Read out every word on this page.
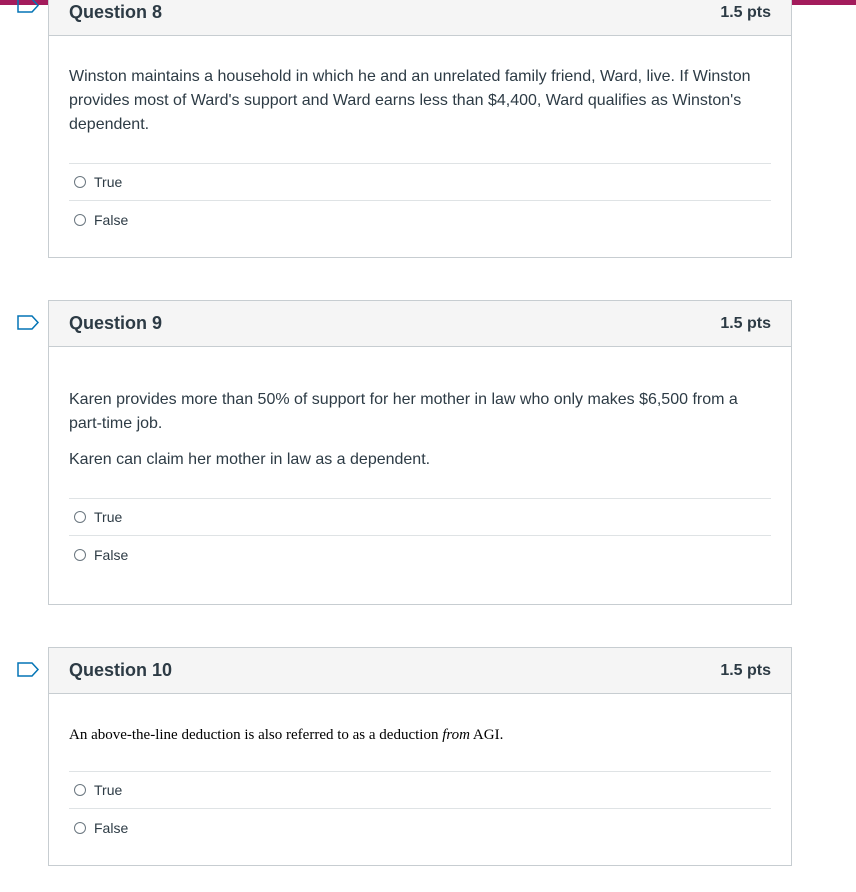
Question 8	1.5 pts

Winston maintains a household in which he and an unrelated family friend, Ward, live. If Winston provides most of Ward's support and Ward earns less than $4,400, Ward qualifies as Winston's dependent.

True
False
Question 9	1.5 pts

Karen provides more than 50% of support for her mother in law who only makes $6,500 from a part-time job.

Karen can claim her mother in law as a dependent.

True
False
Question 10	1.5 pts

An above-the-line deduction is also referred to as a deduction from AGI.

True
False
